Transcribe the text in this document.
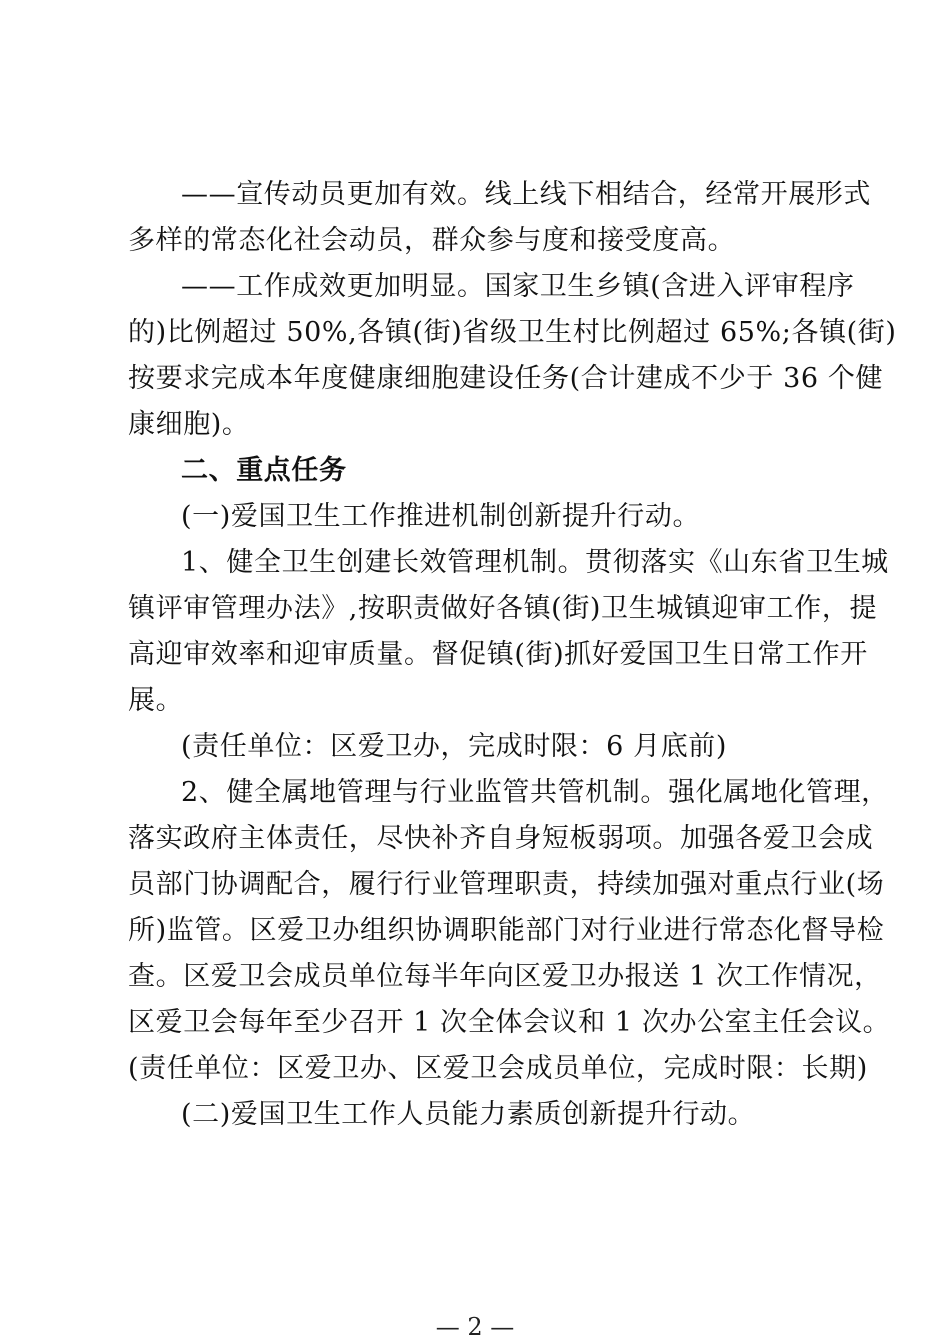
——宣传动员更加有效。线上线下相结合，经常开展形式
多样的常态化社会动员，群众参与度和接受度高。
——工作成效更加明显。国家卫生乡镇(含进入评审程序
的)比例超过 50%,各镇(街)省级卫生村比例超过 65%;各镇(街)
按要求完成本年度健康细胞建设任务(合计建成不少于 36 个健
康细胞)。
二、重点任务
(一)爱国卫生工作推进机制创新提升行动。
1、健全卫生创建长效管理机制。贯彻落实《山东省卫生城
镇评审管理办法》,按职责做好各镇(街)卫生城镇迎审工作，提
高迎审效率和迎审质量。督促镇(街)抓好爱国卫生日常工作开
展。
(责任单位：区爱卫办，完成时限：6 月底前)
2、健全属地管理与行业监管共管机制。强化属地化管理，
落实政府主体责任，尽快补齐自身短板弱项。加强各爱卫会成
员部门协调配合，履行行业管理职责，持续加强对重点行业(场
所)监管。区爱卫办组织协调职能部门对行业进行常态化督导检
查。区爱卫会成员单位每半年向区爱卫办报送 1 次工作情况，
区爱卫会每年至少召开 1 次全体会议和 1 次办公室主任会议。
(责任单位：区爱卫办、区爱卫会成员单位，完成时限：长期)
(二)爱国卫生工作人员能力素质创新提升行动。
— 2 —
